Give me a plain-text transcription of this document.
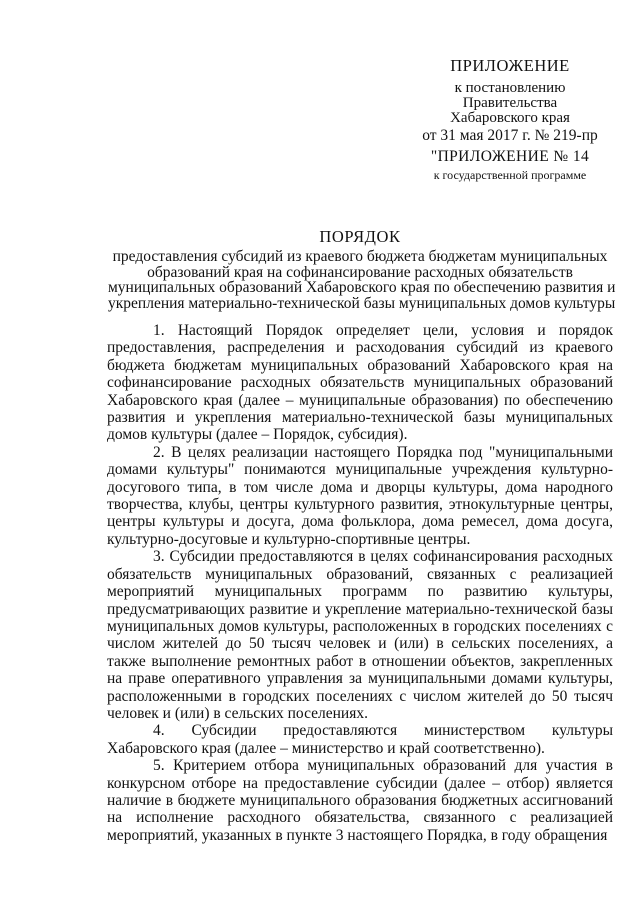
ПРИЛОЖЕНИЕ
к постановлению
Правительства
Хабаровского края
от 31 мая 2017 г. № 219-пр
"ПРИЛОЖЕНИЕ № 14
к государственной программе
ПОРЯДОК
предоставления субсидий из краевого бюджета бюджетам муниципальных
образований края на софинансирование расходных обязательств
муниципальных образований Хабаровского края по обеспечению развития и
укрепления материально-технической базы муниципальных домов культуры

1. Настоящий Порядок определяет цели, условия и порядок предоставления, распределения и расходования субсидий из краевого бюджета бюджетам муниципальных образований Хабаровского края на софинансирование расходных обязательств муниципальных образований Хабаровского края (далее – муниципальные образования) по обеспечению развития и укрепления материально-технической базы муниципальных домов культуры (далее – Порядок, субсидия).

2. В целях реализации настоящего Порядка под "муниципальными домами культуры" понимаются муниципальные учреждения культурно-досугового типа, в том числе дома и дворцы культуры, дома народного творчества, клубы, центры культурного развития, этнокультурные центры, центры культуры и досуга, дома фольклора, дома ремесел, дома досуга, культурно-досуговые и культурно-спортивные центры.

3. Субсидии предоставляются в целях софинансирования расходных обязательств муниципальных образований, связанных с реализацией мероприятий муниципальных программ по развитию культуры, предусматривающих развитие и укрепление материально-технической базы муниципальных домов культуры, расположенных в городских поселениях с числом жителей до 50 тысяч человек и (или) в сельских поселениях, а также выполнение ремонтных работ в отношении объектов, закрепленных на праве оперативного управления за муниципальными домами культуры, расположенными в городских поселениях с числом жителей до 50 тысяч человек и (или) в сельских поселениях.

4. Субсидии предоставляются министерством культуры Хабаровского края (далее – министерство и край соответственно).

5. Критерием отбора муниципальных образований для участия в конкурсном отборе на предоставление субсидии (далее – отбор) является наличие в бюджете муниципального образования бюджетных ассигнований на исполнение расходного обязательства, связанного с реализацией мероприятий, указанных в пункте 3 настоящего Порядка, в году обращения
